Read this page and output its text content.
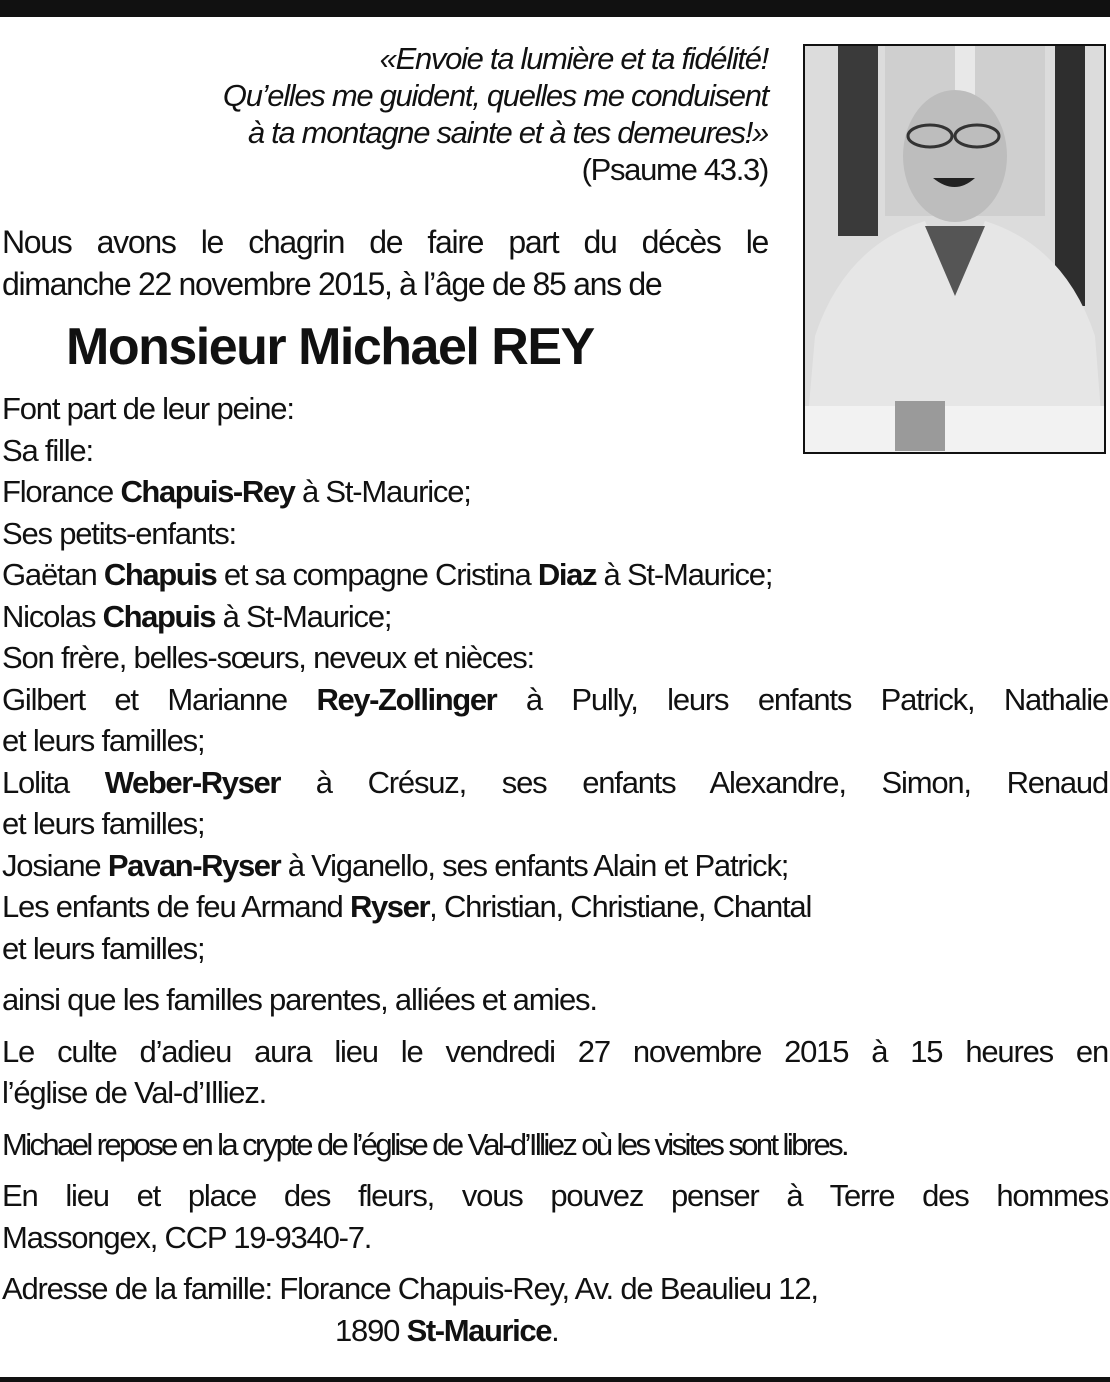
«Envoie ta lumière et ta fidélité!
Qu’elles me guident, quelles me conduisent
à ta montagne sainte et à tes demeures!»
(Psaume 43.3)
Nous avons le chagrin de faire part du décès le
dimanche 22 novembre 2015, à l’âge de 85 ans de
Monsieur Michael REY
Font part de leur peine:
Sa fille:
Florance Chapuis-Rey à St-Maurice;
Ses petits-enfants:
Gaëtan Chapuis et sa compagne Cristina Diaz à St-Maurice;
Nicolas Chapuis à St-Maurice;
Son frère, belles-sœurs, neveux et nièces:
Gilbert et Marianne Rey-Zollinger à Pully, leurs enfants Patrick, Nathalie
et leurs familles;
Lolita Weber-Ryser à Crésuz, ses enfants Alexandre, Simon, Renaud
et leurs familles;
Josiane Pavan-Ryser à Viganello, ses enfants Alain et Patrick;
Les enfants de feu Armand Ryser, Christian, Christiane, Chantal
et leurs familles;
ainsi que les familles parentes, alliées et amies.
Le culte d’adieu aura lieu le vendredi 27 novembre 2015 à 15 heures en
l’église de Val-d’Illiez.
Michael repose en la crypte de l’église de Val-d’Illiez où les visites sont libres.
En lieu et place des fleurs, vous pouvez penser à Terre des hommes
Massongex, CCP 19-9340-7.
Adresse de la famille: Florance Chapuis-Rey, Av. de Beaulieu 12,
1890 St-Maurice.
